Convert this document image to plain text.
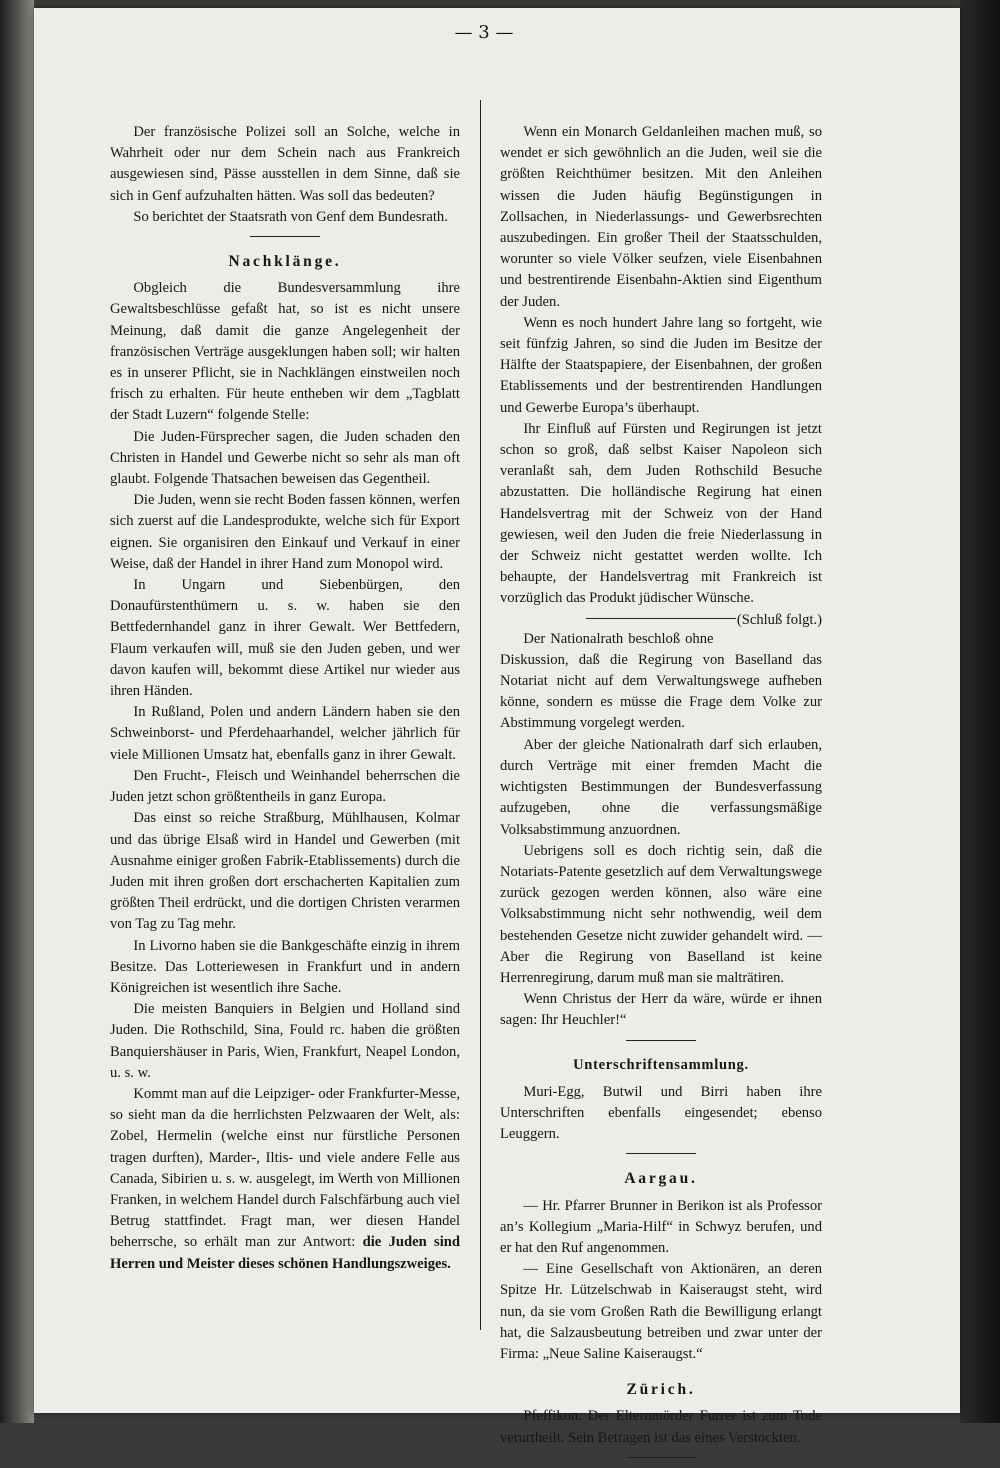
— 3 —

Der französische Polizei soll an Solche, welche in Wahrheit oder nur dem Schein nach aus Frankreich ausgewiesen sind, Pässe ausstellen in dem Sinne, daß sie sich in Genf aufzuhalten hätten. Was soll das bedeuten?

So berichtet der Staatsrath von Genf dem Bundesrath.

Nachklänge.

Obgleich die Bundesversammlung ihre Gewaltsbeschlüsse gefaßt hat, so ist es nicht unsere Meinung, daß damit die ganze Angelegenheit der französischen Verträge ausgeklungen haben soll; wir halten es in unserer Pflicht, sie in Nachklängen einstweilen noch frisch zu erhalten. Für heute entheben wir dem „Tagblatt der Stadt Luzern“ folgende Stelle:

Die Juden-Fürsprecher sagen, die Juden schaden den Christen in Handel und Gewerbe nicht so sehr als man oft glaubt. Folgende Thatsachen beweisen das Gegentheil.

Die Juden, wenn sie recht Boden fassen können, werfen sich zuerst auf die Landesprodukte, welche sich für Export eignen. Sie organisiren den Einkauf und Verkauf in einer Weise, daß der Handel in ihrer Hand zum Monopol wird.

In Ungarn und Siebenbürgen, den Donaufürstenthümern u. s. w. haben sie den Bettfedernhandel ganz in ihrer Gewalt. Wer Bettfedern, Flaum verkaufen will, muß sie den Juden geben, und wer davon kaufen will, bekommt diese Artikel nur wieder aus ihren Händen.

In Rußland, Polen und andern Ländern haben sie den Schweinborst- und Pferdehaarhandel, welcher jährlich für viele Millionen Umsatz hat, ebenfalls ganz in ihrer Gewalt.

Den Frucht-, Fleisch und Weinhandel beherrschen die Juden jetzt schon größtentheils in ganz Europa.

Das einst so reiche Straßburg, Mühlhausen, Kolmar und das übrige Elsaß wird in Handel und Gewerben (mit Ausnahme einiger großen Fabrik-Etablissements) durch die Juden mit ihren großen dort erschacherten Kapitalien zum größten Theil erdrückt, und die dortigen Christen verarmen von Tag zu Tag mehr.

In Livorno haben sie die Bankgeschäfte einzig in ihrem Besitze. Das Lotteriewesen in Frankfurt und in andern Königreichen ist wesentlich ihre Sache.

Die meisten Banquiers in Belgien und Holland sind Juden. Die Rothschild, Sina, Fould rc. haben die größten Banquiershäuser in Paris, Wien, Frankfurt, Neapel London, u. s. w.

Kommt man auf die Leipziger- oder Frankfurter-Messe, so sieht man da die herrlichsten Pelzwaaren der Welt, als: Zobel, Hermelin (welche einst nur fürstliche Personen tragen durften), Marder-, Iltis- und viele andere Felle aus Canada, Sibirien u. s. w. ausgelegt, im Werth von Millionen Franken, in welchem Handel durch Falschfärbung auch viel Betrug stattfindet. Fragt man, wer diesen Handel beherrsche, so erhält man zur Antwort: die Juden sind Herren und Meister dieses schönen Handlungszweiges.

Wenn ein Monarch Geldanleihen machen muß, so wendet er sich gewöhnlich an die Juden, weil sie die größten Reichthümer besitzen. Mit den Anleihen wissen die Juden häufig Begünstigungen in Zollsachen, in Niederlassungs- und Gewerbsrechten auszubedingen. Ein großer Theil der Staatsschulden, worunter so viele Völker seufzen, viele Eisenbahnen und bestrentirende Eisenbahn-Aktien sind Eigenthum der Juden.

Wenn es noch hundert Jahre lang so fortgeht, wie seit fünfzig Jahren, so sind die Juden im Besitze der Hälfte der Staatspapiere, der Eisenbahnen, der großen Etablissements und der bestrentirenden Handlungen und Gewerbe Europa’s überhaupt.

Ihr Einfluß auf Fürsten und Regirungen ist jetzt schon so groß, daß selbst Kaiser Napoleon sich veranlaßt sah, dem Juden Rothschild Besuche abzustatten. Die holländische Regirung hat einen Handelsvertrag mit der Schweiz von der Hand gewiesen, weil den Juden die freie Niederlassung in der Schweiz nicht gestattet werden wollte. Ich behaupte, der Handelsvertrag mit Frankreich ist vorzüglich das Produkt jüdischer Wünsche.
(Schluß folgt.)

Der Nationalrath beschloß ohne Diskussion, daß die Regirung von Baselland das Notariat nicht auf dem Verwaltungswege aufheben könne, sondern es müsse die Frage dem Volke zur Abstimmung vorgelegt werden.

Aber der gleiche Nationalrath darf sich erlauben, durch Verträge mit einer fremden Macht die wichtigsten Bestimmungen der Bundesverfassung aufzugeben, ohne die verfassungsmäßige Volksabstimmung anzuordnen.

Uebrigens soll es doch richtig sein, daß die Notariats-Patente gesetzlich auf dem Verwaltungswege zurück gezogen werden können, also wäre eine Volksabstimmung nicht sehr nothwendig, weil dem bestehenden Gesetze nicht zuwider gehandelt wird. — Aber die Regirung von Baselland ist keine Herrenregirung, darum muß man sie malträtiren.

Wenn Christus der Herr da wäre, würde er ihnen sagen: Ihr Heuchler!“

Unterschriftensammlung.

Muri-Egg, Butwil und Birri haben ihre Unterschriften ebenfalls eingesendet; ebenso Leuggern.

Aargau.

— Hr. Pfarrer Brunner in Berikon ist als Professor an’s Kollegium „Maria-Hilf“ in Schwyz berufen, und er hat den Ruf angenommen.

— Eine Gesellschaft von Aktionären, an deren Spitze Hr. Lützelschwab in Kaiseraugst steht, wird nun, da sie vom Großen Rath die Bewilligung erlangt hat, die Salzausbeutung betreiben und zwar unter der Firma: „Neue Saline Kaiseraugst.“

Zürich.

Pfeffikon. Der Elternmörder Furrer ist zum Tode verurtheilt. Sein Betragen ist das eines Verstockten.
